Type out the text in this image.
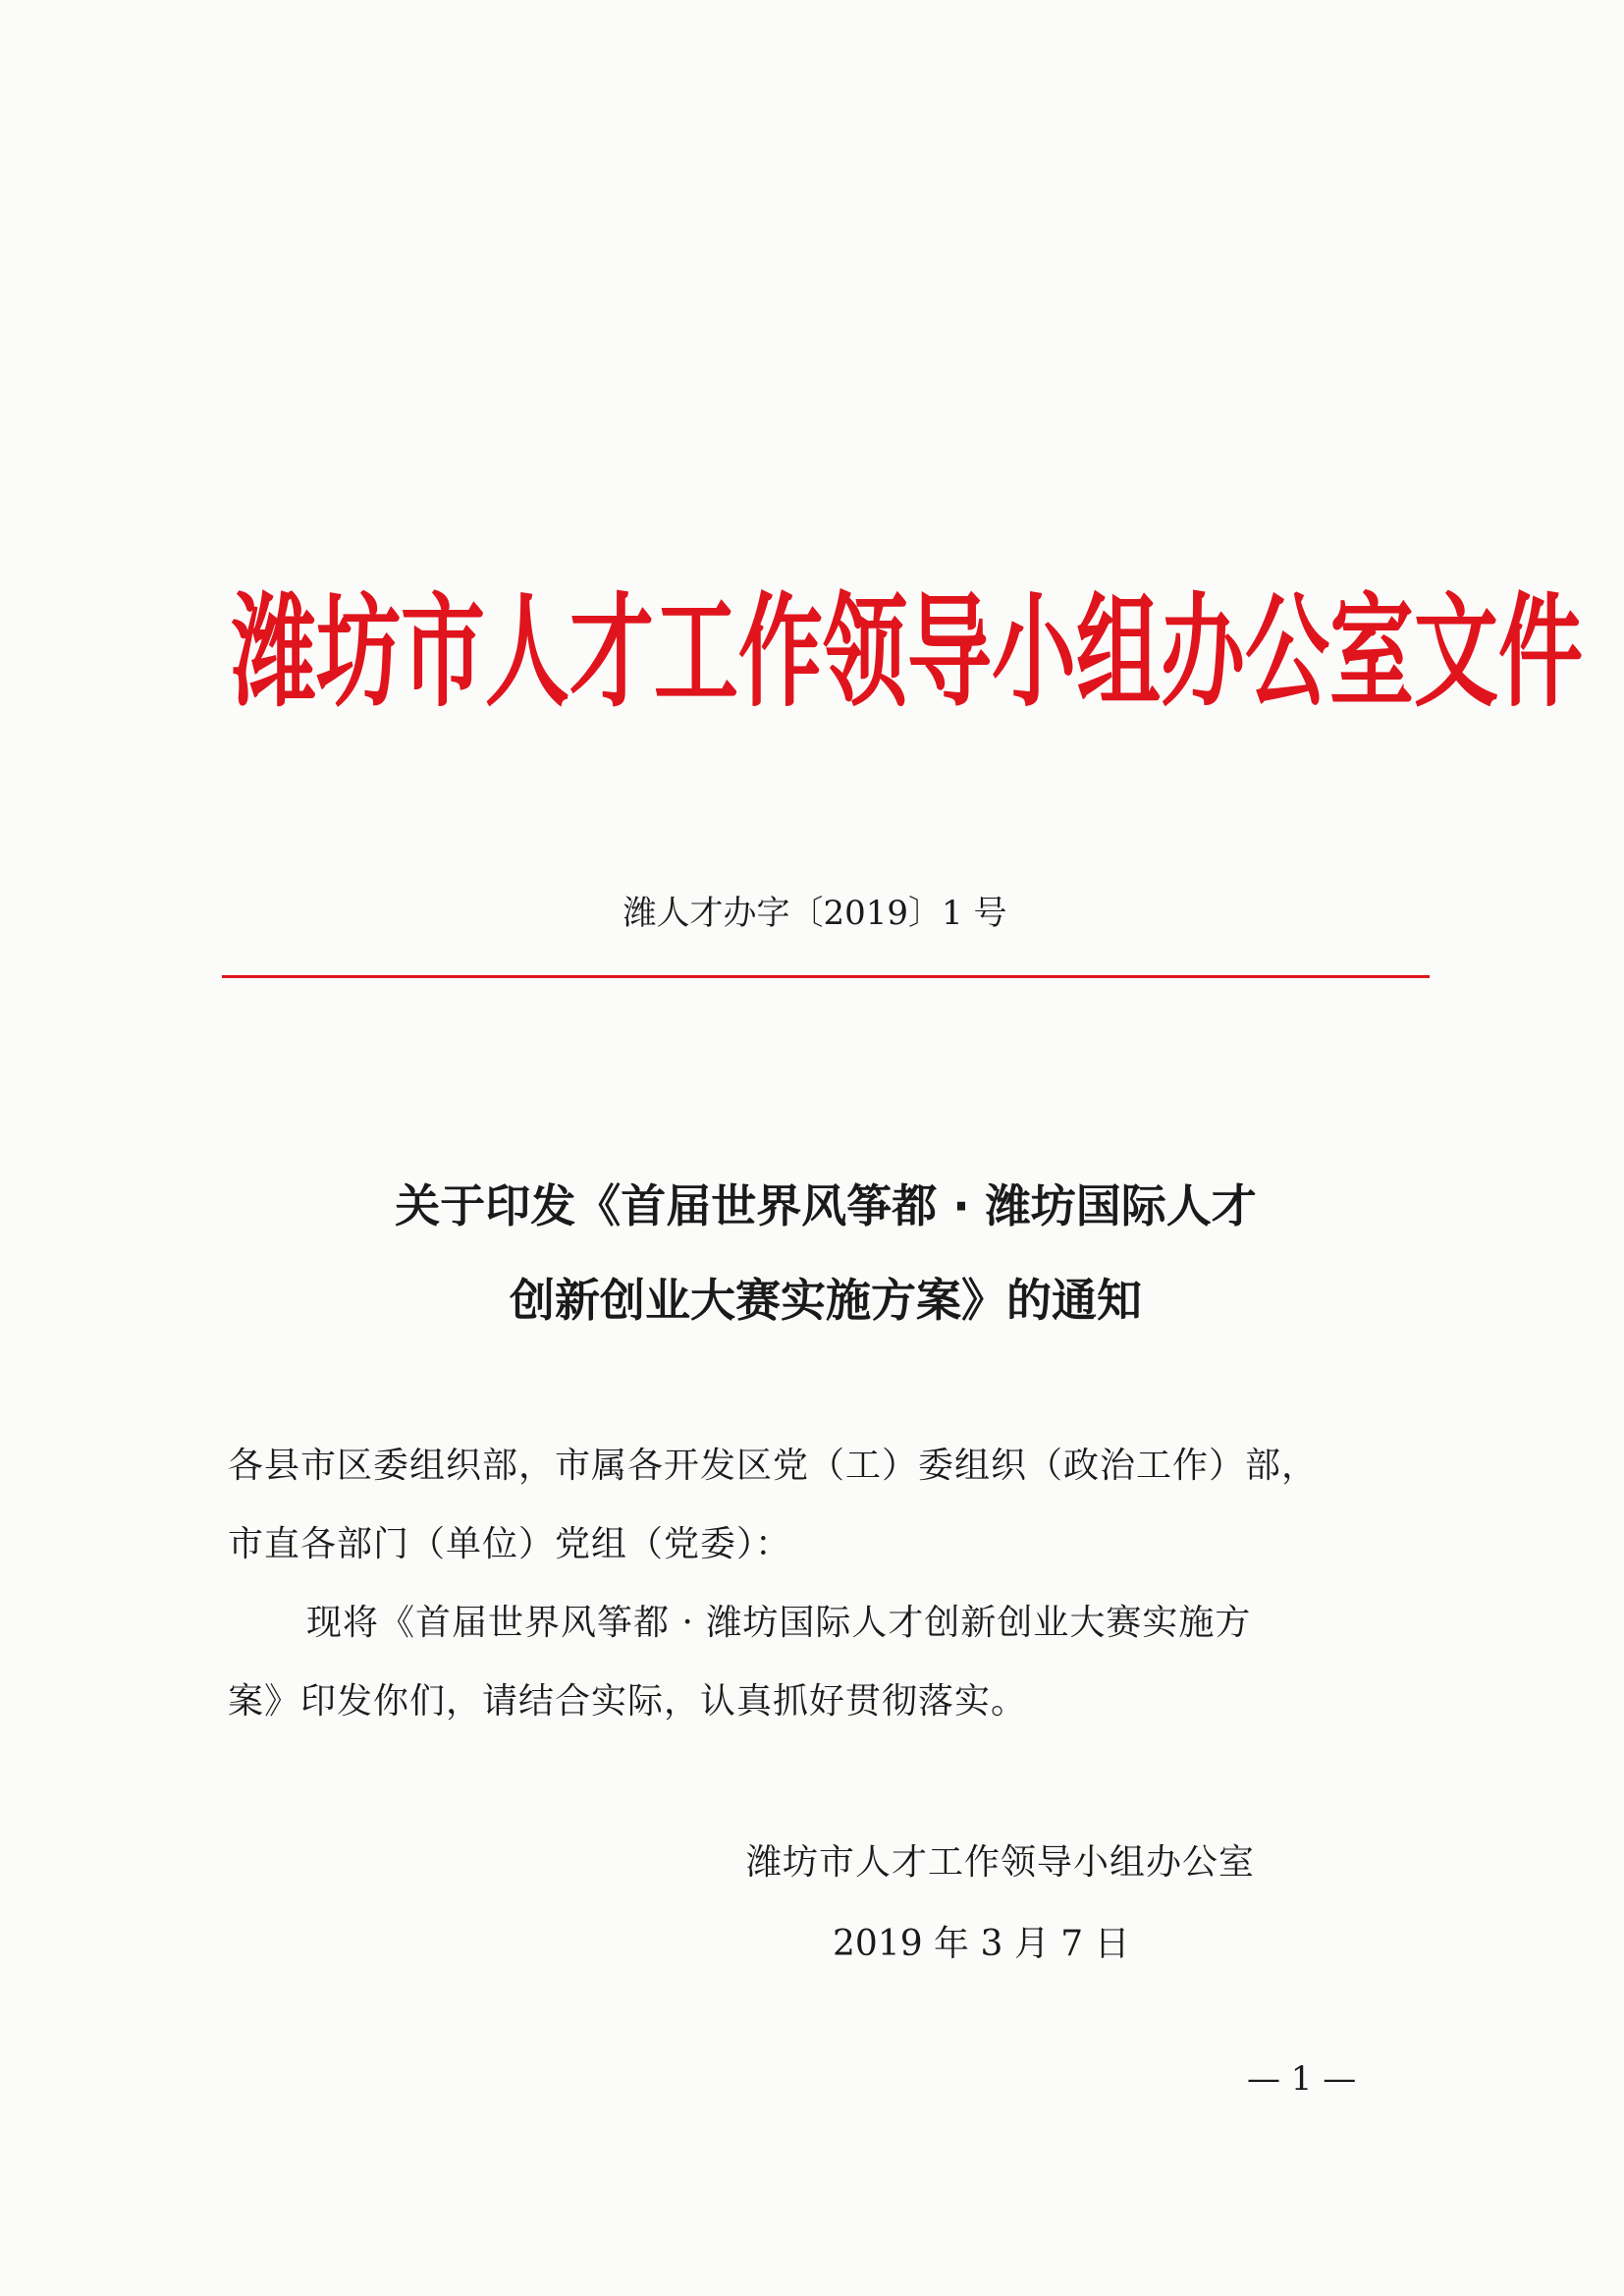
潍坊市人才工作领导小组办公室文件
潍人才办字〔2019〕1 号
关于印发《首届世界风筝都 · 潍坊国际人才
创新创业大赛实施方案》的通知
各县市区委组织部，市属各开发区党（工）委组织（政治工作）部，
市直各部门（单位）党组（党委）：
现将《首届世界风筝都 · 潍坊国际人才创新创业大赛实施方
案》印发你们，请结合实际，认真抓好贯彻落实。
潍坊市人才工作领导小组办公室
2019 年 3 月 7 日
— 1 —
